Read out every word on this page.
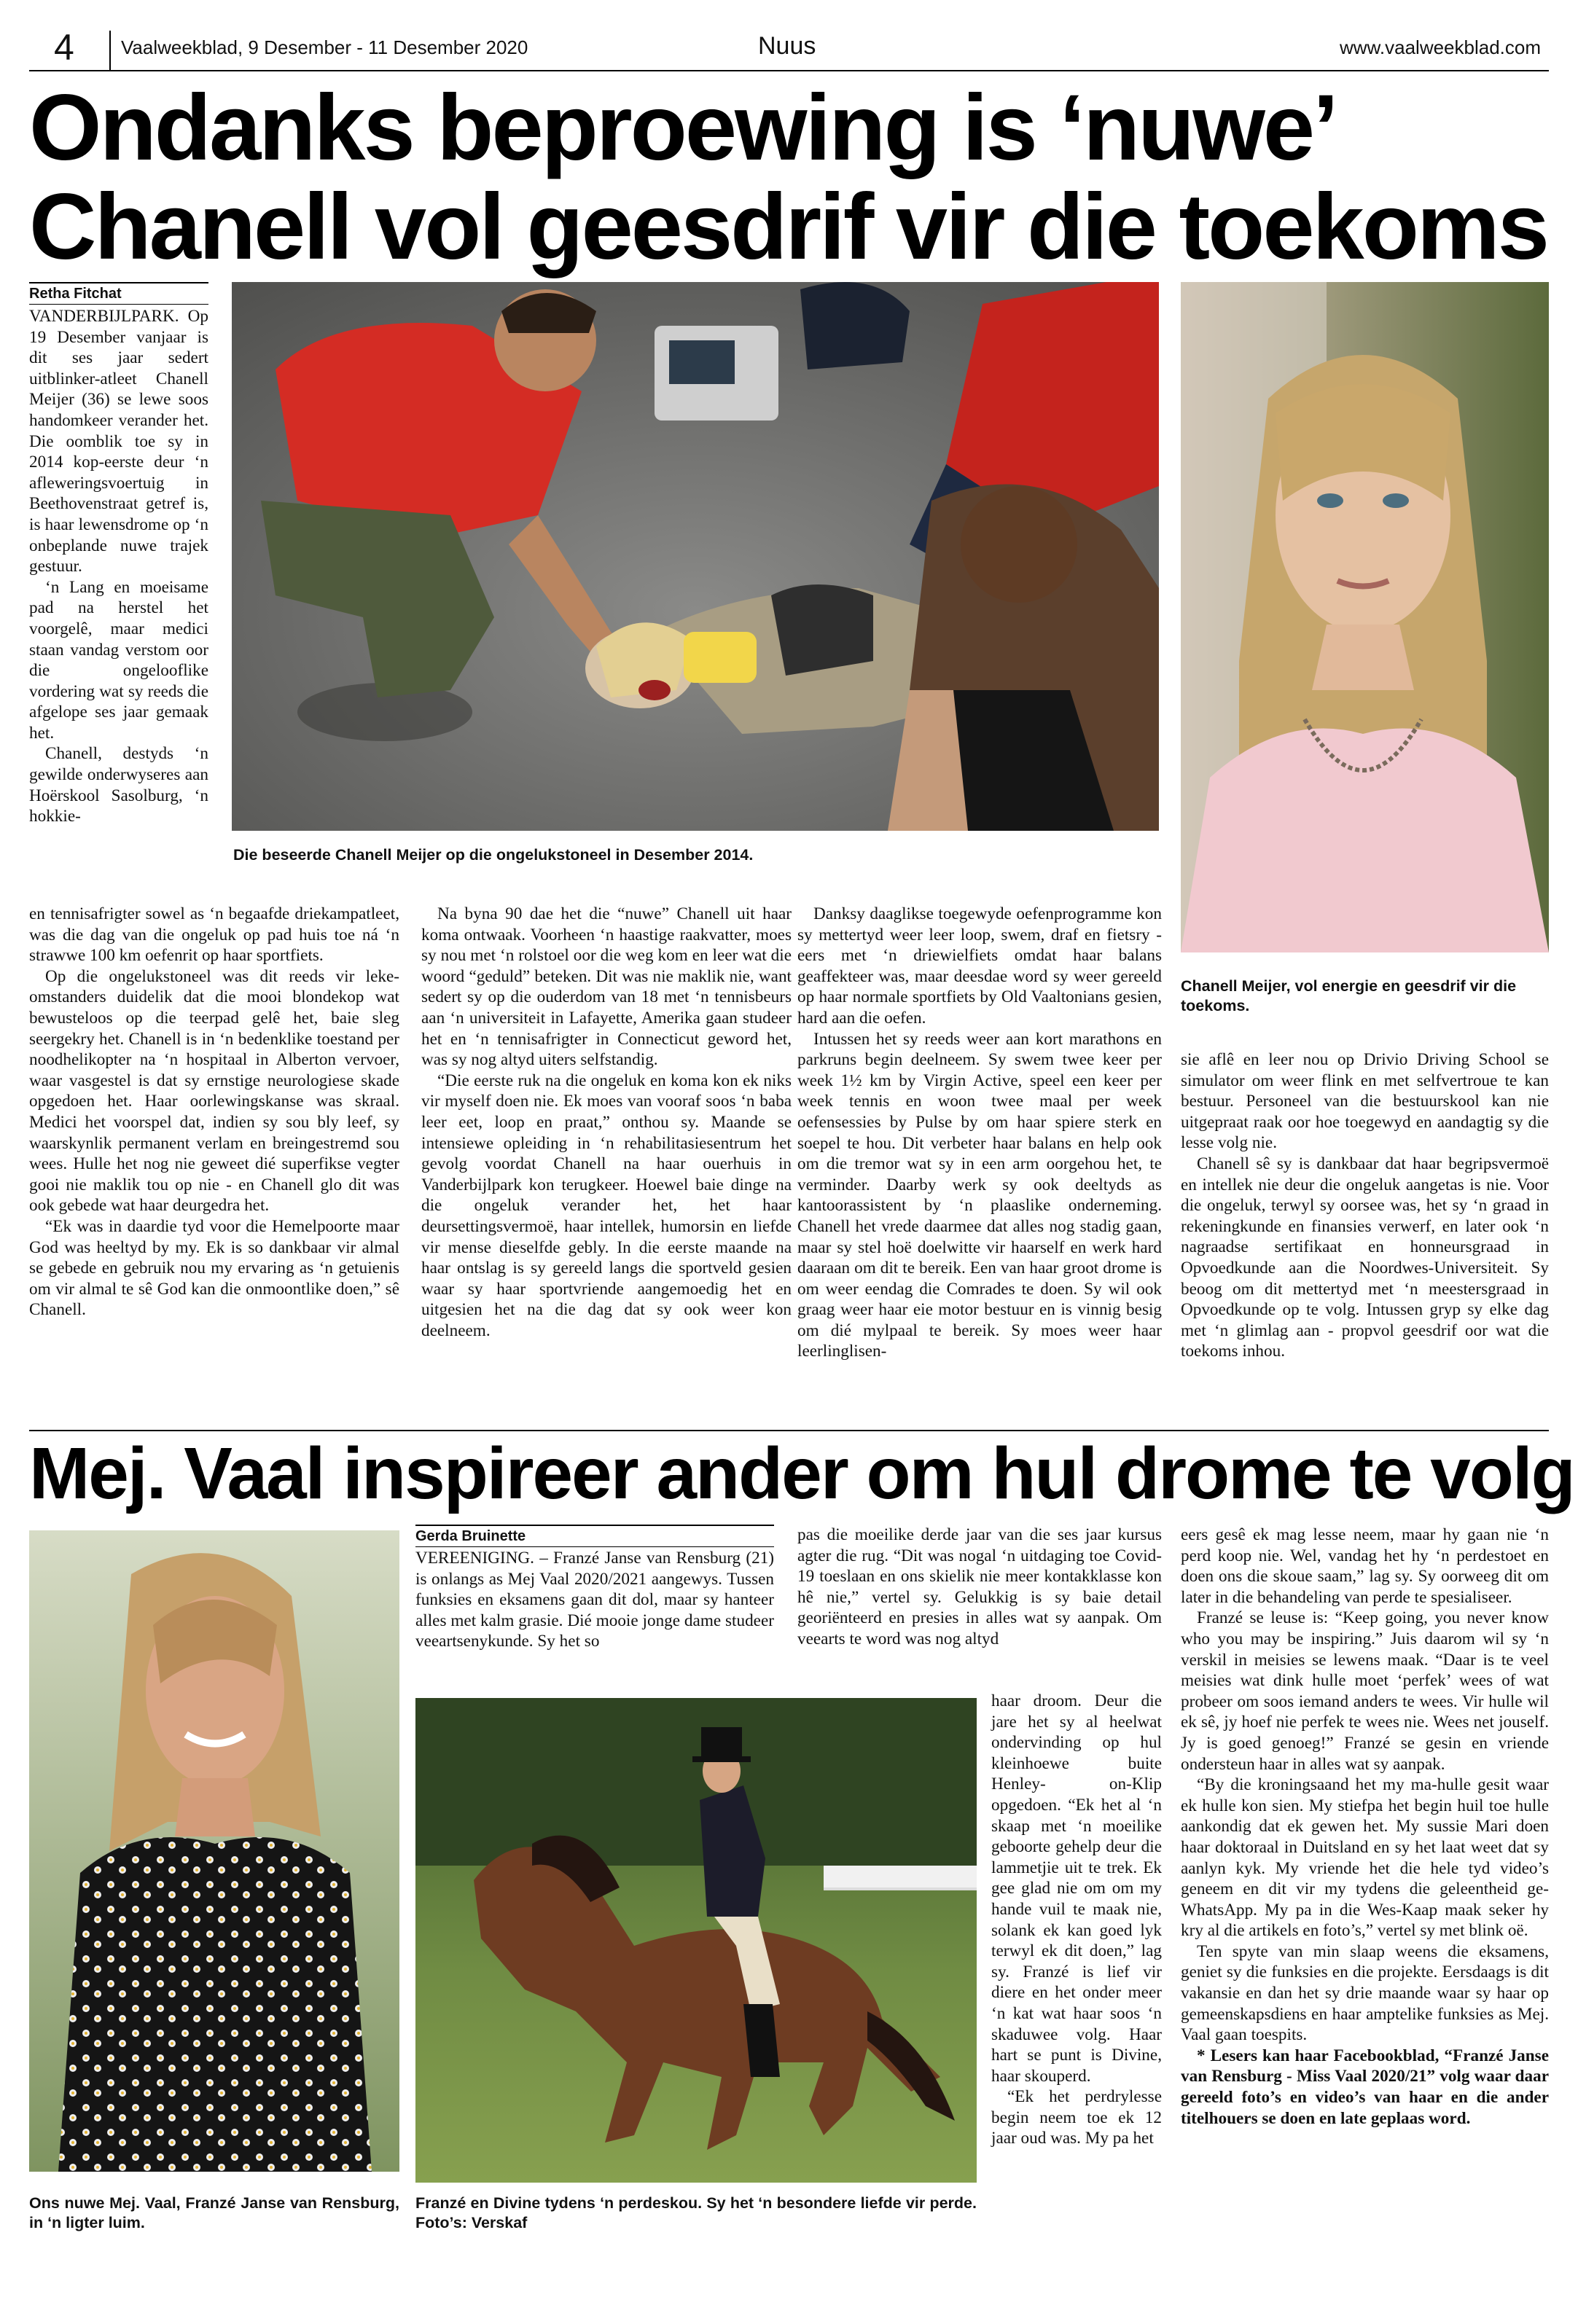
4 Vaalweekblad, 9 Desember - 11 Desember 2020	Nuus	www.vaalweekblad.com
Ondanks beproewing is ‘nuwe’
Chanell vol geesdrif vir die toekoms
Retha Fitchat
Die beseerde Chanell Meijer op die ongelukstoneel in Desember 2014.
Chanell Meijer, vol energie en geesdrif vir die toekoms.

VANDERBIJLPARK. Op 19 Desember vanjaar is dit ses jaar sedert uitblinker-atleet Chanell Meijer (36) se lewe soos handomkeer verander het. Die oomblik toe sy in 2014 kop-eerste deur ‘n afleweringsvoertuig in Beethovenstraat getref is, is haar lewensdrome op ‘n onbeplande nuwe trajek gestuur.

‘n Lang en moeisame pad na herstel het voorgelê, maar medici staan vandag verstom oor die ongelooflike vordering wat sy reeds die afgelope ses jaar gemaak het.

Chanell, destyds ‘n gewilde onderwyseres aan Hoërskool Sasolburg, ‘n hokkie-

en tennisafrigter sowel as ‘n begaafde driekampatleet, was die dag van die ongeluk op pad huis toe ná ‘n strawwe 100 km oefenrit op haar sportfiets.

Op die ongelukstoneel was dit reeds vir leke-omstanders duidelik dat die mooi blondekop wat bewusteloos op die teerpad gelê het, baie sleg seergekry het. Chanell is in ‘n bedenklike toestand per noodhelikopter na ‘n hospitaal in Alberton vervoer, waar vasgestel is dat sy ernstige neurologiese skade opgedoen het. Haar oorlewingskanse was skraal. Medici het voorspel dat, indien sy sou bly leef, sy waarskynlik permanent verlam en breingestremd sou wees. Hulle het nog nie geweet dié superfikse vegter gooi nie maklik tou op nie - en Chanell glo dit was ook gebede wat haar deurgedra het.

“Ek was in daardie tyd voor die Hemelpoorte maar God was heeltyd by my. Ek is so dankbaar vir almal se gebede en gebruik nou my ervaring as ‘n getuienis om vir almal te sê God kan die onmoontlike doen,” sê Chanell.

Na byna 90 dae het die “nuwe” Chanell uit haar koma ontwaak. Voorheen ‘n haastige raakvatter, moes sy nou met ‘n rolstoel oor die weg kom en leer wat die woord “geduld” beteken. Dit was nie maklik nie, want sedert sy op die ouderdom van 18 met ‘n tennisbeurs aan ‘n universiteit in Lafayette, Amerika gaan studeer het en ‘n tennisafrigter in Connecticut geword het, was sy nog altyd uiters selfstandig.

“Die eerste ruk na die ongeluk en koma kon ek niks vir myself doen nie. Ek moes van vooraf soos ‘n baba leer eet, loop en praat,” onthou sy. Maande se intensiewe opleiding in ‘n rehabilitasiesentrum het gevolg voordat Chanell na haar ouerhuis in Vanderbijlpark kon terugkeer. Hoewel baie dinge na die ongeluk verander het, het haar deursettingsvermoë, haar intellek, humorsin en liefde vir mense dieselfde gebly. In die eerste maande na haar ontslag is sy gereeld langs die sportveld gesien waar sy haar sportvriende aangemoedig het en uitgesien het na die dag dat sy ook weer kon deelneem.

Danksy daaglikse toegewyde oefenprogramme kon sy mettertyd weer leer loop, swem, draf en fietsry - eers met ‘n driewielfiets omdat haar balans geaffekteer was, maar deesdae word sy weer gereeld op haar normale sportfiets by Old Vaaltonians gesien, hard aan die oefen.

Intussen het sy reeds weer aan kort marathons en parkruns begin deelneem. Sy swem twee keer per week 1½ km by Virgin Active, speel een keer per week tennis en woon twee maal per week oefensessies by Pulse by om haar spiere sterk en soepel te hou. Dit verbeter haar balans en help ook om die tremor wat sy in een arm oorgehou het, te verminder. Daarby werk sy ook deeltyds as kantoorassistent by ‘n plaaslike onderneming. Chanell het vrede daarmee dat alles nog stadig gaan, maar sy stel hoë doelwitte vir haarself en werk hard daaraan om dit te bereik. Een van haar groot drome is om weer eendag die Comrades te doen. Sy wil ook graag weer haar eie motor bestuur en is vinnig besig om dié mylpaal te bereik. Sy moes weer haar leerlinglisen-

sie aflê en leer nou op Drivio Driving School se simulator om weer flink en met selfvertroue te kan bestuur. Personeel van die bestuurskool kan nie uitgepraat raak oor hoe toegewyd en aandagtig sy die lesse volg nie.

Chanell sê sy is dankbaar dat haar begripsvermoë en intellek nie deur die ongeluk aangetas is nie. Voor die ongeluk, terwyl sy oorsee was, het sy ‘n graad in rekeningkunde en finansies verwerf, en later ook ‘n nagraadse sertifikaat en honneursgraad in Opvoedkunde aan die Noordwes-Universiteit. Sy beoog om dit mettertyd met ‘n meestersgraad in Opvoedkunde op te volg. Intussen gryp sy elke dag met ‘n glimlag aan - propvol geesdrif oor wat die toekoms inhou.

Mej. Vaal inspireer ander om hul drome te volg
Ons nuwe Mej. Vaal, Franzé Janse van Rensburg, in ‘n ligter luim.
Gerda Bruinette

VEREENIGING. – Franzé Janse van Rensburg (21) is onlangs as Mej Vaal 2020/2021 aangewys. Tussen funksies en eksamens gaan dit dol, maar sy hanteer alles met kalm grasie. Dié mooie jonge dame studeer veeartsenykunde. Sy het so

pas die moeilike derde jaar van die ses jaar kursus agter die rug. “Dit was nogal ‘n uitdaging toe Covid-19 toeslaan en ons skielik nie meer kontakklasse kon hê nie,” vertel sy. Gelukkig is sy baie detail georiënteerd en presies in alles wat sy aanpak. Om veearts te word was nog altyd

Franzé en Divine tydens ‘n perdeskou. Sy het ‘n besondere liefde vir perde. Foto’s: Verskaf

haar droom. Deur die jare het sy al heelwat ondervinding op hul kleinhoewe buite Henley- on-Klip opgedoen. “Ek het al ‘n skaap met ‘n moeilike geboorte gehelp deur die lammetjie uit te trek. Ek gee glad nie om om my hande vuil te maak nie, solank ek kan goed lyk terwyl ek dit doen,” lag sy. Franzé is lief vir diere en het onder meer ‘n kat wat haar soos ‘n skaduwee volg. Haar hart se punt is Divine, haar skouperd.

“Ek het perdrylesse begin neem toe ek 12 jaar oud was. My pa het

eers gesê ek mag lesse neem, maar hy gaan nie ‘n perd koop nie. Wel, vandag het hy ‘n perdestoet en doen ons die skoue saam,” lag sy. Sy oorweeg dit om later in die behandeling van perde te spesialiseer.

Franzé se leuse is: “Keep going, you never know who you may be inspiring.” Juis daarom wil sy ‘n verskil in meisies se lewens maak. “Daar is te veel meisies wat dink hulle moet ‘perfek’ wees of wat probeer om soos iemand anders te wees. Vir hulle wil ek sê, jy hoef nie perfek te wees nie. Wees net jouself. Jy is goed genoeg!” Franzé se gesin en vriende ondersteun haar in alles wat sy aanpak.

“By die kroningsaand het my ma-hulle gesit waar ek hulle kon sien. My stiefpa het begin huil toe hulle aankondig dat ek gewen het. My sussie Mari doen haar doktoraal in Duitsland en sy het laat weet dat sy aanlyn kyk. My vriende het die hele tyd video’s geneem en dit vir my tydens die geleentheid ge-WhatsApp. My pa in die Wes-Kaap maak seker hy kry al die artikels en foto’s,” vertel sy met blink oë.

Ten spyte van min slaap weens die eksamens, geniet sy die funksies en die projekte. Eersdaags is dit vakansie en dan het sy drie maande waar sy haar op gemeenskapsdiens en haar amptelike funksies as Mej. Vaal gaan toespits.

* Lesers kan haar Facebookblad, “Franzé Janse van Rensburg - Miss Vaal 2020/21” volg waar daar gereeld foto’s en video’s van haar en die ander titelhouers se doen en late geplaas word.
